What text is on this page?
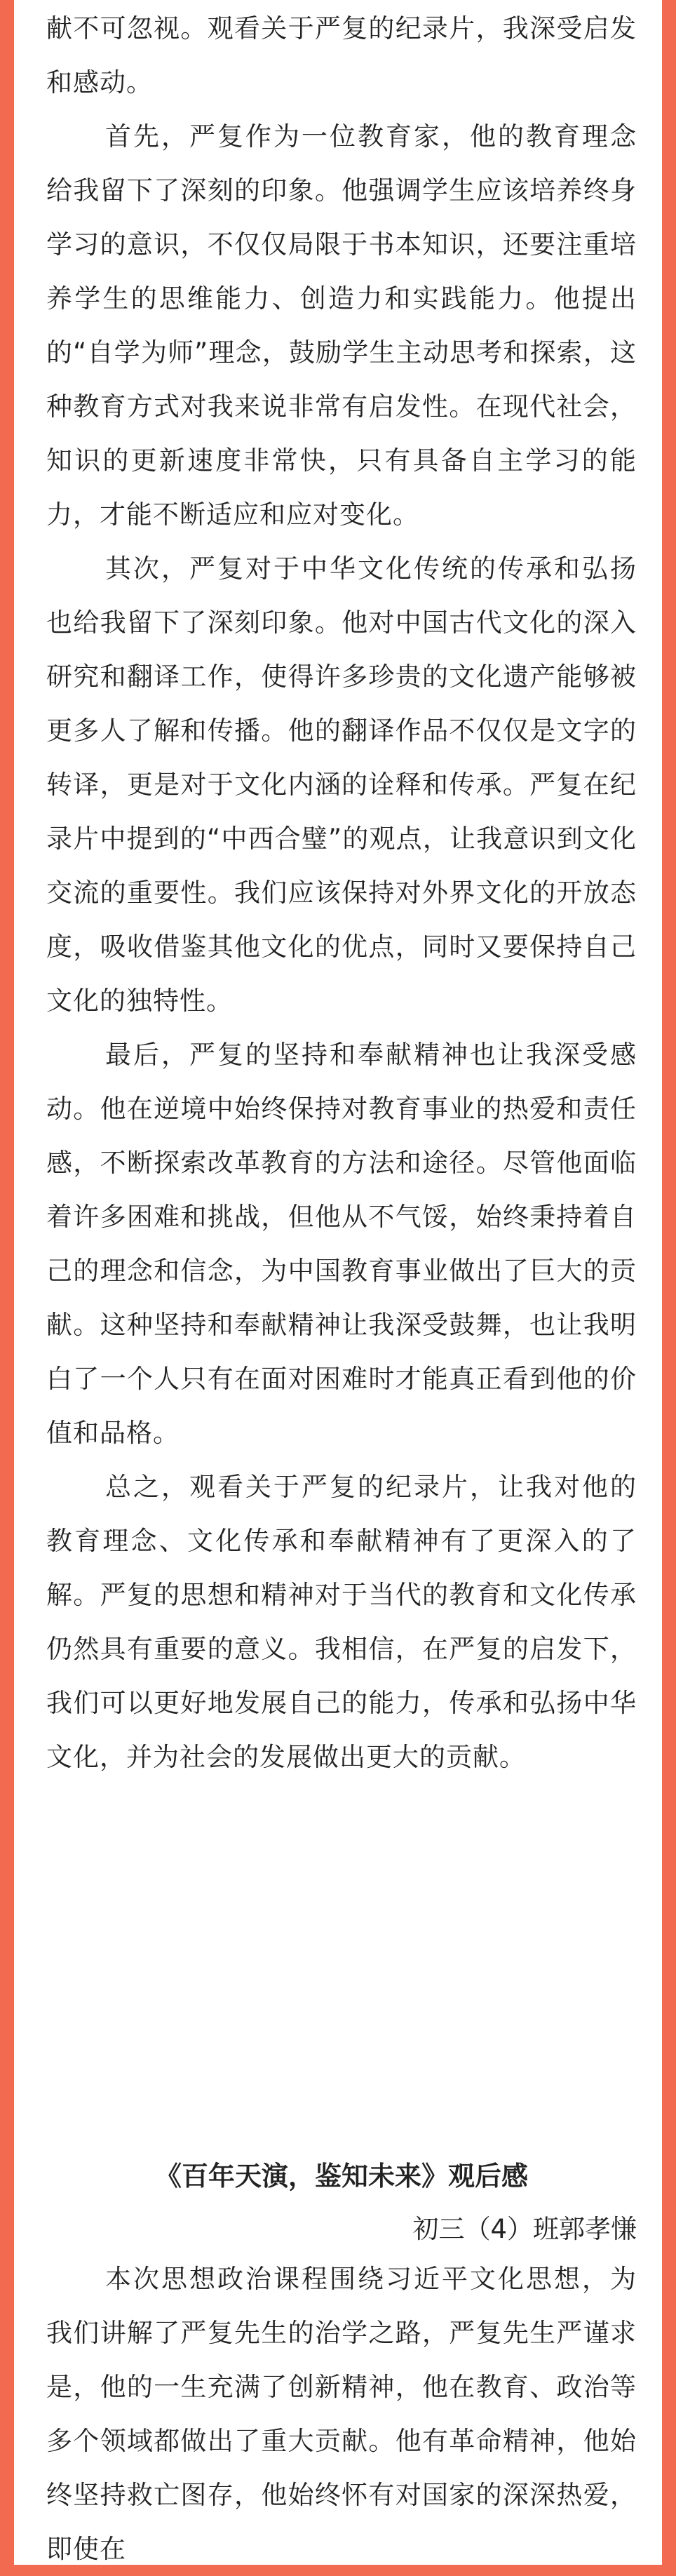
献不可忽视。观看关于严复的纪录片，我深受启发和感动。

首先，严复作为一位教育家，他的教育理念给我留下了深刻的印象。他强调学生应该培养终身学习的意识，不仅仅局限于书本知识，还要注重培养学生的思维能力、创造力和实践能力。他提出的“自学为师”理念，鼓励学生主动思考和探索，这种教育方式对我来说非常有启发性。在现代社会，知识的更新速度非常快，只有具备自主学习的能力，才能不断适应和应对变化。

其次，严复对于中华文化传统的传承和弘扬也给我留下了深刻印象。他对中国古代文化的深入研究和翻译工作，使得许多珍贵的文化遗产能够被更多人了解和传播。他的翻译作品不仅仅是文字的转译，更是对于文化内涵的诠释和传承。严复在纪录片中提到的“中西合璧”的观点，让我意识到文化交流的重要性。我们应该保持对外界文化的开放态度，吸收借鉴其他文化的优点，同时又要保持自己文化的独特性。

最后，严复的坚持和奉献精神也让我深受感动。他在逆境中始终保持对教育事业的热爱和责任感，不断探索改革教育的方法和途径。尽管他面临着许多困难和挑战，但他从不气馁，始终秉持着自己的理念和信念，为中国教育事业做出了巨大的贡献。这种坚持和奉献精神让我深受鼓舞，也让我明白了一个人只有在面对困难时才能真正看到他的价值和品格。

总之，观看关于严复的纪录片，让我对他的教育理念、文化传承和奉献精神有了更深入的了解。严复的思想和精神对于当代的教育和文化传承仍然具有重要的意义。我相信，在严复的启发下，我们可以更好地发展自己的能力，传承和弘扬中华文化，并为社会的发展做出更大的贡献。

《百年天演，鉴知未来》观后感

初三（4）班郭孝慊

本次思想政治课程围绕习近平文化思想，为我们讲解了严复先生的治学之路，严复先生严谨求是，他的一生充满了创新精神，他在教育、政治等多个领域都做出了重大贡献。他有革命精神，他始终坚持救亡图存，他始终怀有对国家的深深热爱，即使在
